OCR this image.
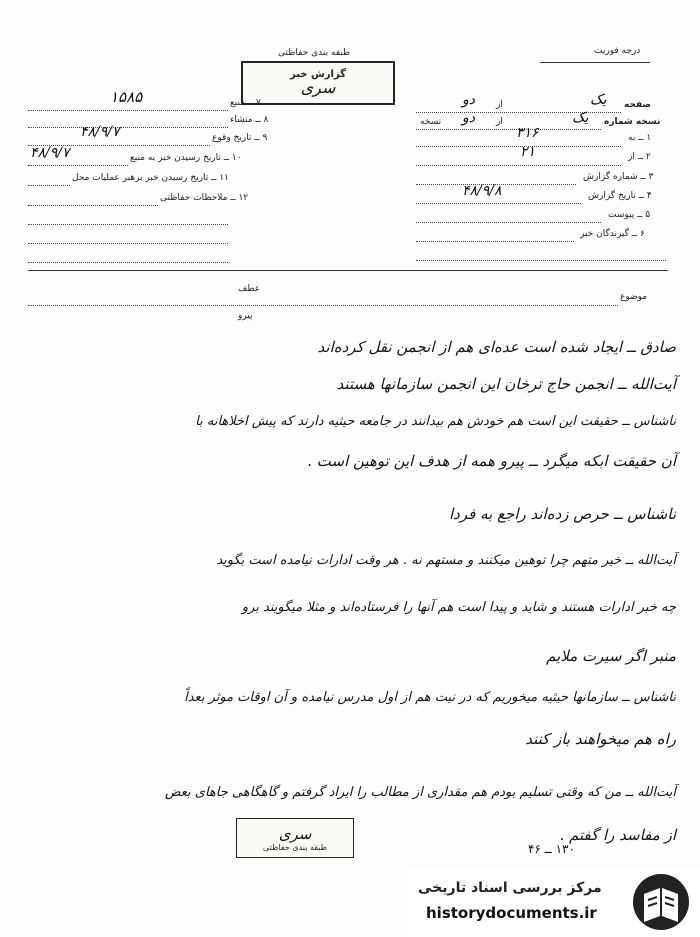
درجه فوریت
طبقه بندی حفاظتی
گزارش خبر
سری
صفحه
یک
از
دو
نسخه شماره
یک
از
دو
نسخه
۱ ــ به
۳۱۶
۲ ــ از
۲۱
۳ ــ شماره گزارش
۴ ــ تاریخ گزارش
۴۸/۹/۸
۵ ــ پیوست
۶ ــ گیرندگان خبر
۷ ــ منبع
۱۵۸۵
۸ ــ منشاء
۹ ــ تاریخ وقوع
۴۸/۹/۷
۱۰ ــ تاریخ رسیدن خبر به منبع
۴۸/۹/۷
۱۱ ــ تاریخ رسیدن خبر برهبر عملیات محل
۱۲ ــ ملاحظات حفاظتی
موضوع
عطف
پیرو
صادق ــ ایجاد شده است عده‌ای هم از انجمن نقل کرده‌اند
آیت‌الله ــ انجمن حاج ترخان این انجمن سازمانها هستند
ناشناس ــ حقیقت این است هم خودش هم بیدانند در جامعه حیثیه دارند که پیش اخلاهانه با
آن حقیقت ابکه میگرد ــ پیرو همه از هدف این توهین است .
ناشناس ــ حرص زده‌اند راجع به فردا
آیت‌الله ــ خیر متهم چرا توهین میکنند و مستهم نه . هر وقت ادارات نیامده است بگوید
چه خبر ادارات هستند و شاید و پیدا است هم آنها را فرستاده‌اند و مثلا میگویند برو
منبر اگر سیرت ملایم
ناشناس ــ سازمانها حیثیه میخوریم که در نیت هم از اول مدرس نیامده و آن اوقات موثر بعداً
راه هم میخواهند باز کنند
آیت‌الله ــ من که وقتی تسلیم بودم هم مقداری از مطالب را ایراد گرفتم و گاهگاهی جاهای بعض
از مفاسد را گفتم .
سری
طبقه بندی حفاظتی	۱۳۰ ــ ۴۶
مرکز بررسی اسناد تاریخی
historydocuments.ir
